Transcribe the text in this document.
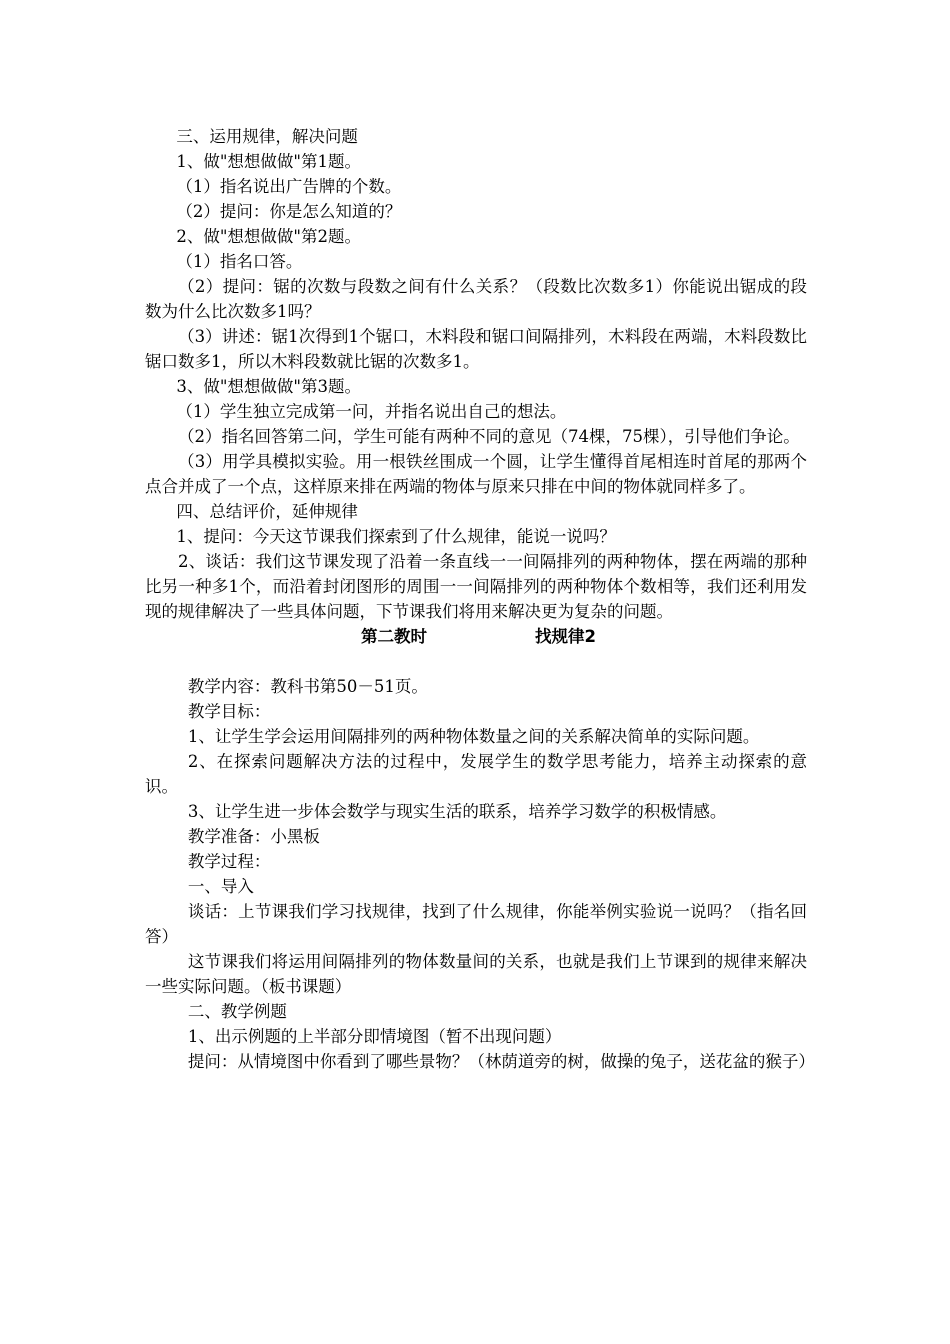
三、运用规律，解决问题

1、做"想想做做"第1题。

（1）指名说出广告牌的个数。

（2）提问：你是怎么知道的？

2、做"想想做做"第2题。

（1）指名口答。

（2）提问：锯的次数与段数之间有什么关系？（段数比次数多1）你能说出锯成的段数为什么比次数多1吗？

（3）讲述：锯1次得到1个锯口，木料段和锯口间隔排列，木料段在两端，木料段数比锯口数多1，所以木料段数就比锯的次数多1。

3、做"想想做做"第3题。

（1）学生独立完成第一问，并指名说出自己的想法。

（2）指名回答第二问，学生可能有两种不同的意见（74棵，75棵），引导他们争论。

（3）用学具模拟实验。用一根铁丝围成一个圆，让学生懂得首尾相连时首尾的那两个点合并成了一个点，这样原来排在两端的物体与原来只排在中间的物体就同样多了。

四、总结评价，延伸规律

1、提问：今天这节课我们探索到了什么规律，能说一说吗？

2、谈话：我们这节课发现了沿着一条直线一一间隔排列的两种物体，摆在两端的那种比另一种多1个，而沿着封闭图形的周围一一间隔排列的两种物体个数相等，我们还利用发现的规律解决了一些具体问题，下节课我们将用来解决更为复杂的问题。

第二教时	找规律2

教学内容：教科书第50－51页。

教学目标：

1、让学生学会运用间隔排列的两种物体数量之间的关系解决简单的实际问题。

2、在探索问题解决方法的过程中，发展学生的数学思考能力，培养主动探索的意识。

3、让学生进一步体会数学与现实生活的联系，培养学习数学的积极情感。

教学准备：小黑板

教学过程：

一、导入

谈话：上节课我们学习找规律，找到了什么规律，你能举例实验说一说吗？（指名回答）

这节课我们将运用间隔排列的物体数量间的关系，也就是我们上节课到的规律来解决一些实际问题。（板书课题）

二、教学例题

1、出示例题的上半部分即情境图（暂不出现问题）

提问：从情境图中你看到了哪些景物？（林荫道旁的树，做操的兔子，送花盆的猴子）
